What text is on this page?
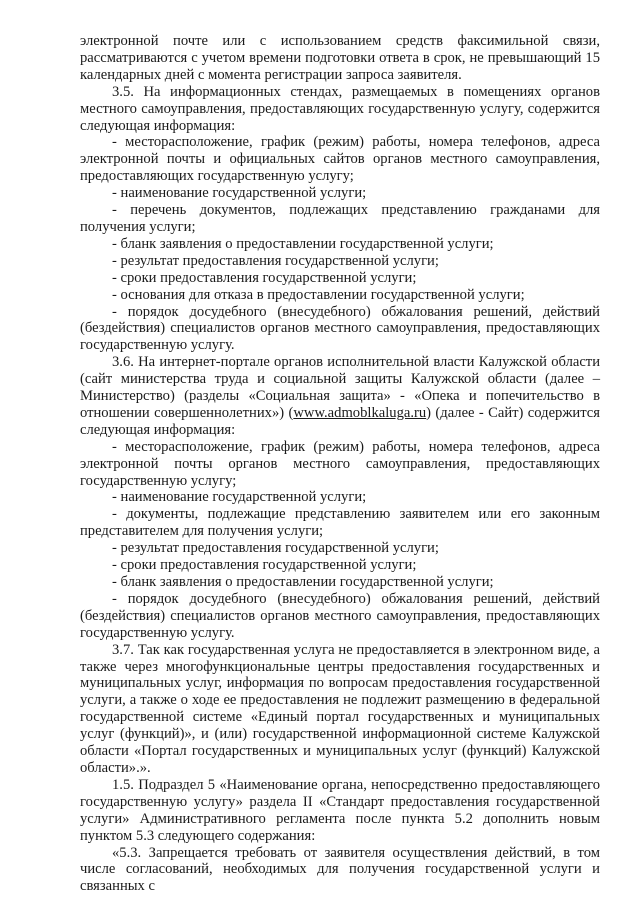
электронной почте или с использованием средств факсимильной связи, рассматриваются с учетом времени подготовки ответа в срок, не превышающий 15 календарных дней с момента регистрации запроса заявителя.

3.5. На информационных стендах, размещаемых в помещениях органов местного самоуправления, предоставляющих государственную услугу, содержится следующая информация:

- месторасположение, график (режим) работы, номера телефонов, адреса электронной почты и официальных сайтов органов местного самоуправления, предоставляющих государственную услугу;

- наименование государственной услуги;

- перечень документов, подлежащих представлению гражданами для получения услуги;

- бланк заявления о предоставлении государственной услуги;

- результат предоставления государственной услуги;

- сроки предоставления государственной услуги;

- основания для отказа в предоставлении государственной услуги;

- порядок досудебного (внесудебного) обжалования решений, действий (бездействия) специалистов органов местного самоуправления, предоставляющих государственную услугу.

3.6. На интернет-портале органов исполнительной власти Калужской области (сайт министерства труда и социальной защиты Калужской области (далее – Министерство) (разделы «Социальная защита» - «Опека и попечительство в отношении совершеннолетних») (www.admoblkaluga.ru) (далее - Сайт) содержится следующая информация:

- месторасположение, график (режим) работы, номера телефонов, адреса электронной почты органов местного самоуправления, предоставляющих государственную услугу;

- наименование государственной услуги;

- документы, подлежащие представлению заявителем или его законным представителем для получения услуги;

- результат предоставления государственной услуги;

- сроки предоставления государственной услуги;

- бланк заявления о предоставлении государственной услуги;

- порядок досудебного (внесудебного) обжалования решений, действий (бездействия) специалистов органов местного самоуправления, предоставляющих государственную услугу.

3.7. Так как государственная услуга не предоставляется в электронном виде, а также через многофункциональные центры предоставления государственных и муниципальных услуг, информация по вопросам предоставления государственной услуги, а также о ходе ее предоставления не подлежит размещению в федеральной государственной системе «Единый портал государственных и муниципальных услуг (функций)», и (или) государственной информационной системе Калужской области «Портал государственных и муниципальных услуг (функций) Калужской области».».

1.5. Подраздел 5 «Наименование органа, непосредственно предоставляющего государственную услугу» раздела II «Стандарт предоставления государственной услуги» Административного регламента после пункта 5.2 дополнить новым пунктом 5.3 следующего содержания:

«5.3. Запрещается требовать от заявителя осуществления действий, в том числе согласований, необходимых для получения государственной услуги и связанных с
